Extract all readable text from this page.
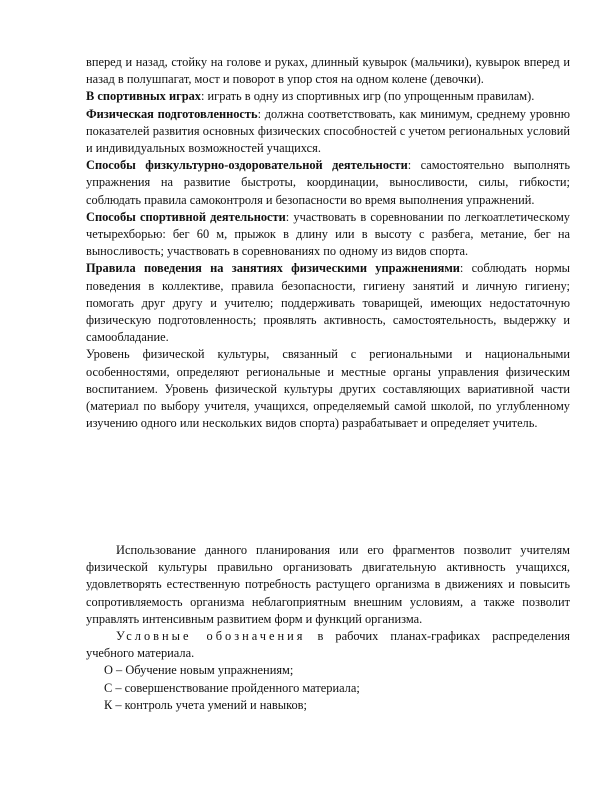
вперед и назад, стойку на голове и руках, длинный кувырок (мальчики), кувырок вперед и назад в полушпагат, мост и поворот в упор стоя на одном колене (девочки).

В спортивных играх: играть в одну из спортивных игр (по упрощенным правилам).

Физическая подготовленность: должна соответствовать, как минимум, среднему уровню показателей развития основных физических способностей с учетом региональных условий и индивидуальных возможностей учащихся.

Способы физкультурно-оздоровательной деятельности: самостоятельно выполнять упражнения на развитие быстроты, координации, выносливости, силы, гибкости; соблюдать правила самоконтроля и безопасности во время выполнения упражнений.

Способы спортивной деятельности: участвовать в соревновании по легкоатлетическому четырехборью: бег 60 м, прыжок в длину или в высоту с разбега, метание, бег на выносливость; участвовать в соревнованиях по одному из видов спорта.

Правила поведения на занятиях физическими упражнениями: соблюдать нормы поведения в коллективе, правила безопасности, гигиену занятий и личную гигиену; помогать друг другу и учителю; поддерживать товарищей, имеющих недостаточную физическую подготовленность; проявлять активность, самостоятельность, выдержку и самообладание.

Уровень физической культуры, связанный с региональными и национальными особенностями, определяют региональные и местные органы управления физическим воспитанием. Уровень физической культуры других составляющих вариативной части (материал по выбору учителя, учащихся, определяемый самой школой, по углубленному изучению одного или нескольких видов спорта) разрабатывает и определяет учитель.

Использование данного планирования или его фрагментов позволит учителям физической культуры правильно организовать двигательную активность учащихся, удовлетворять естественную потребность растущего организма в движениях и повысить сопротивляемость организма неблагоприятным внешним условиям, а также позволит управлять интенсивным развитием форм и функций организма.

Условные обозначения в рабочих планах-графиках распределения учебного материала.

О – Обучение новым упражнениям;
С – совершенствование пройденного материала;
К – контроль учета умений и навыков;
